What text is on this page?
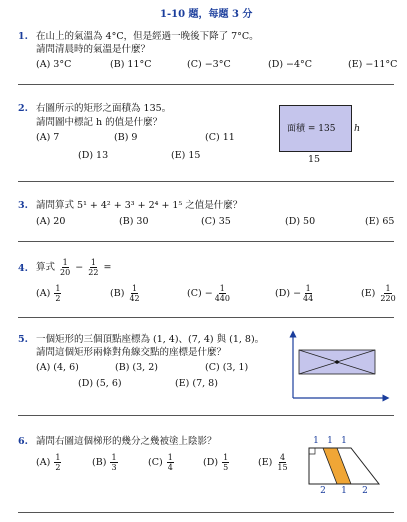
1-10 題，每題 3 分
1. 在山上的氣溫為 4°C，但是經過一晚後下降了 7°C。
請問清晨時的氣溫是什麼？
(A) 3°C	(B) 11°C	(C) −3°C	(D) −4°C	(E) −11°C
2. 右圖所示的矩形之面積為 135。
請問圖中標記 h 的值是什麼？
(A) 7	(B) 9	(C) 11
(D) 13	(E) 15
面積 = 135 h
15
3. 請問算式 5¹ + 4² + 3³ + 2⁴ + 1⁵ 之值是什麼？
(A) 20	(B) 30	(C) 35	(D) 50	(E) 65
4. 算式 $\frac{1}{20} - \frac{1}{22}$ =
$(A) \frac{1}{2}$	$(B) \frac{1}{42}$	$(C) - \frac{1}{440}$	$(D) - \frac{1}{44}$	$(E) \frac{1}{220}$
5. 一個矩形的三個頂點座標為 (1, 4)、(7, 4) 與 (1, 8)。
請問這個矩形兩條對角線交點的座標是什麼？
(A) (4, 6)	(B) (3, 2)	(C) (3, 1)
(D) (5, 6)	(E) (7, 8)
6. 請問右圖這個梯形的幾分之幾被塗上陰影？
$(A) \frac{1}{2}$	$(B) \frac{1}{3}$	$(C) \frac{1}{4}$	$(D) \frac{1}{5}$	$(E) \frac{4}{15}$
1 1 1
2 1 2
